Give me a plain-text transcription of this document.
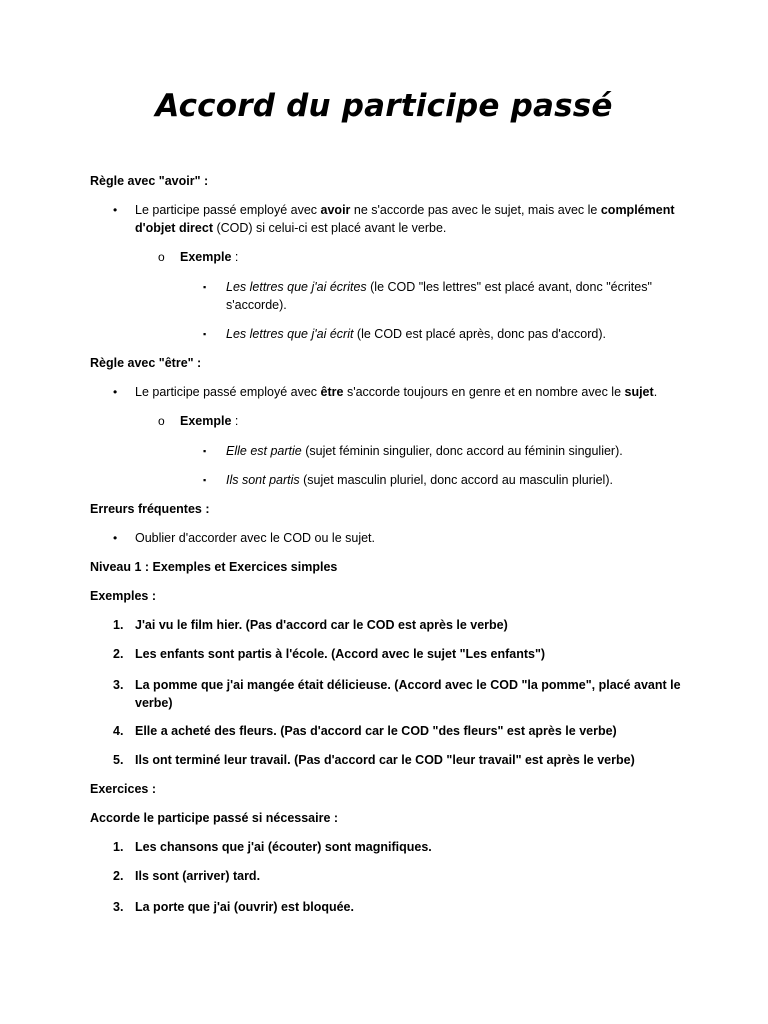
Accord du participe passé
Règle avec "avoir" :
• Le participe passé employé avec avoir ne s'accorde pas avec le sujet, mais avec le complément
d'objet direct (COD) si celui-ci est placé avant le verbe.
o Exemple :
▪ Les lettres que j'ai écrites (le COD "les lettres" est placé avant, donc "écrites"
s'accorde).
▪ Les lettres que j'ai écrit (le COD est placé après, donc pas d'accord).
Règle avec "être" :
• Le participe passé employé avec être s'accorde toujours en genre et en nombre avec le sujet.
o Exemple :
▪ Elle est partie (sujet féminin singulier, donc accord au féminin singulier).
▪ Ils sont partis (sujet masculin pluriel, donc accord au masculin pluriel).
Erreurs fréquentes :
• Oublier d'accorder avec le COD ou le sujet.
Niveau 1 : Exemples et Exercices simples
Exemples :
1. J'ai vu le film hier. (Pas d'accord car le COD est après le verbe)
2. Les enfants sont partis à l'école. (Accord avec le sujet "Les enfants")
3. La pomme que j'ai mangée était délicieuse. (Accord avec le COD "la pomme", placé avant le
verbe)
4. Elle a acheté des fleurs. (Pas d'accord car le COD "des fleurs" est après le verbe)
5. Ils ont terminé leur travail. (Pas d'accord car le COD "leur travail" est après le verbe)
Exercices :
Accorde le participe passé si nécessaire :
1. Les chansons que j'ai (écouter) sont magnifiques.
2. Ils sont (arriver) tard.
3. La porte que j'ai (ouvrir) est bloquée.
